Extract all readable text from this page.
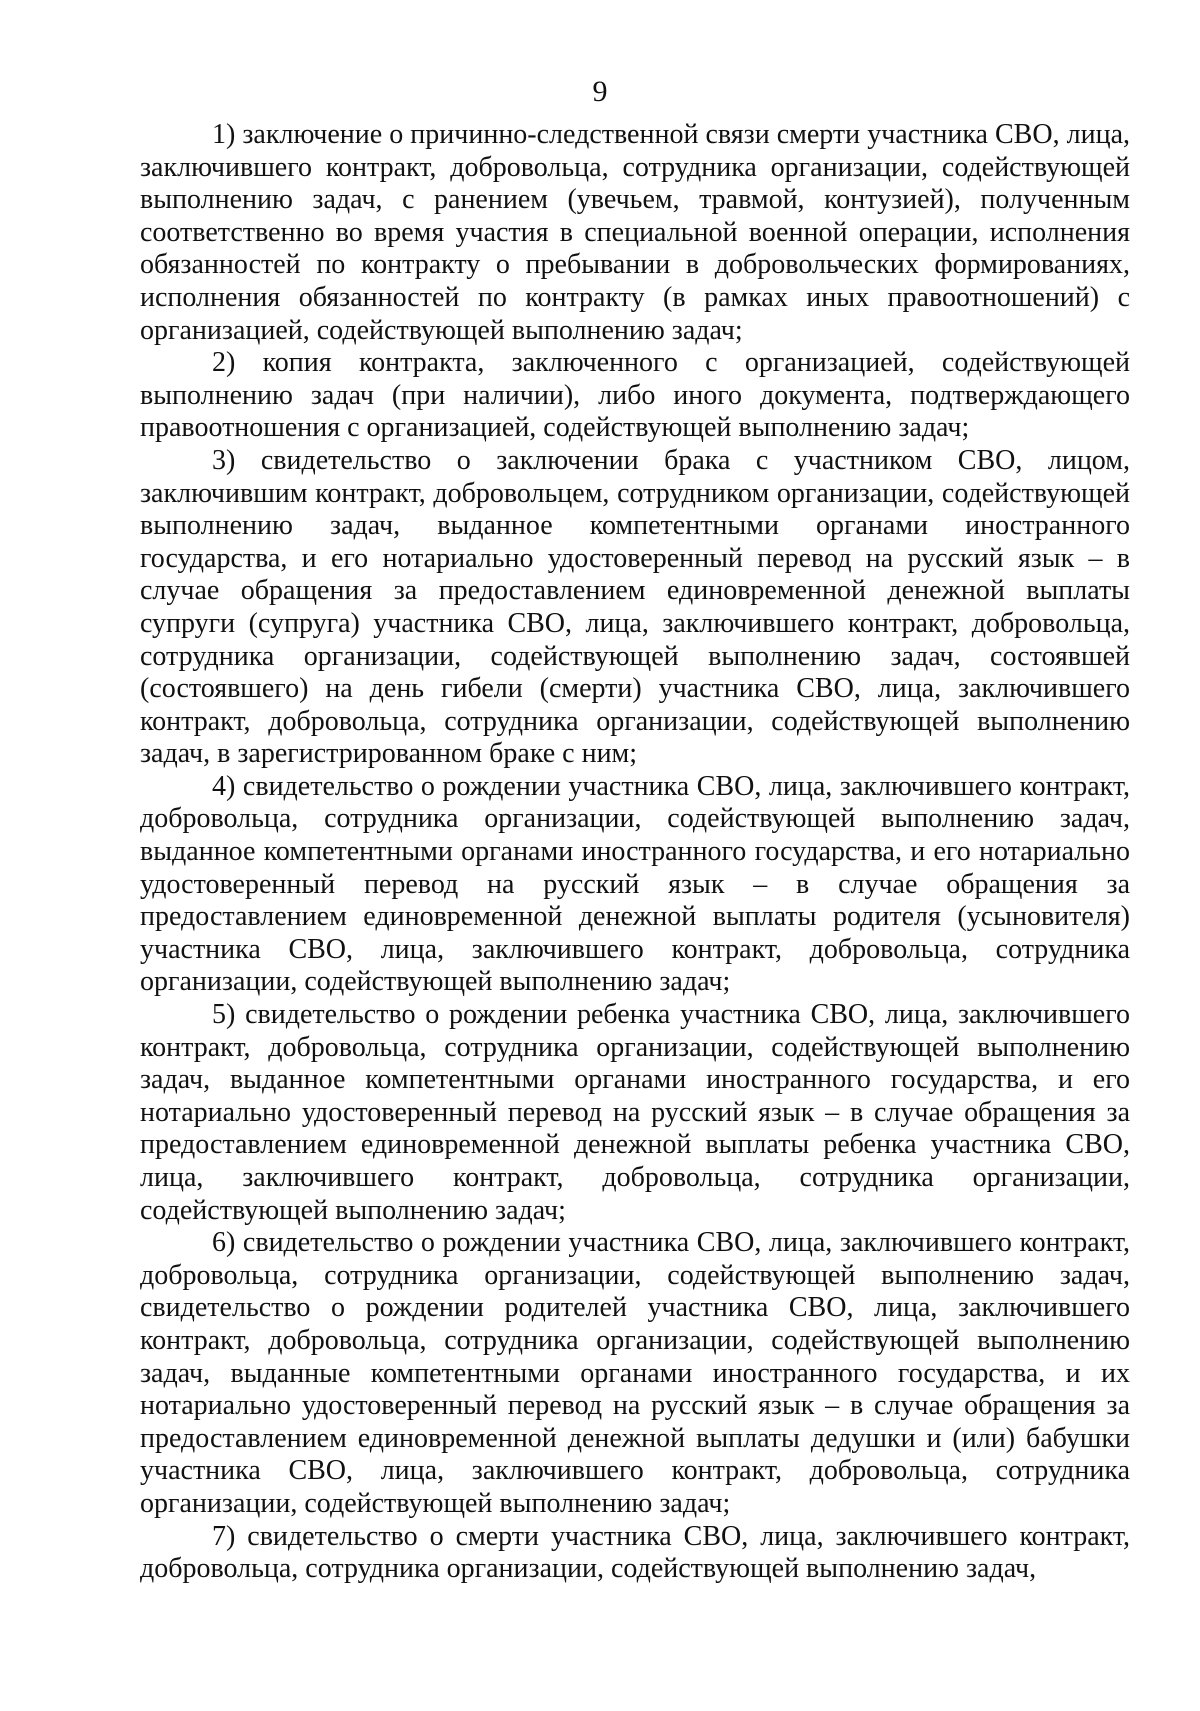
9

1) заключение о причинно-следственной связи смерти участника СВО, лица, заключившего контракт, добровольца, сотрудника организации, содействующей выполнению задач, с ранением (увечьем, травмой, контузией), полученным соответственно во время участия в специальной военной операции, исполнения обязанностей по контракту о пребывании в добровольческих формированиях, исполнения обязанностей по контракту (в рамках иных правоотношений) с организацией, содействующей выполнению задач;

2) копия контракта, заключенного с организацией, содействующей выполнению задач (при наличии), либо иного документа, подтверждающего правоотношения с организацией, содействующей выполнению задач;

3) свидетельство о заключении брака с участником СВО, лицом, заключившим контракт, добровольцем, сотрудником организации, содействующей выполнению задач, выданное компетентными органами иностранного государства, и его нотариально удостоверенный перевод на русский язык – в случае обращения за предоставлением единовременной денежной выплаты супруги (супруга) участника СВО, лица, заключившего контракт, добровольца, сотрудника организации, содействующей выполнению задач, состоявшей (состоявшего) на день гибели (смерти) участника СВО, лица, заключившего контракт, добровольца, сотрудника организации, содействующей выполнению задач, в зарегистрированном браке с ним;

4) свидетельство о рождении участника СВО, лица, заключившего контракт, добровольца, сотрудника организации, содействующей выполнению задач, выданное компетентными органами иностранного государства, и его нотариально удостоверенный перевод на русский язык – в случае обращения за предоставлением единовременной денежной выплаты родителя (усыновителя) участника СВО, лица, заключившего контракт, добровольца, сотрудника организации, содействующей выполнению задач;

5) свидетельство о рождении ребенка участника СВО, лица, заключившего контракт, добровольца, сотрудника организации, содействующей выполнению задач, выданное компетентными органами иностранного государства, и его нотариально удостоверенный перевод на русский язык – в случае обращения за предоставлением единовременной денежной выплаты ребенка участника СВО, лица, заключившего контракт, добровольца, сотрудника организации, содействующей выполнению задач;

6) свидетельство о рождении участника СВО, лица, заключившего контракт, добровольца, сотрудника организации, содействующей выполнению задач, свидетельство о рождении родителей участника СВО, лица, заключившего контракт, добровольца, сотрудника организации, содействующей выполнению задач, выданные компетентными органами иностранного государства, и их нотариально удостоверенный перевод на русский язык – в случае обращения за предоставлением единовременной денежной выплаты дедушки и (или) бабушки участника СВО, лица, заключившего контракт, добровольца, сотрудника организации, содействующей выполнению задач;

7) свидетельство о смерти участника СВО, лица, заключившего контракт, добровольца, сотрудника организации, содействующей выполнению задач,
